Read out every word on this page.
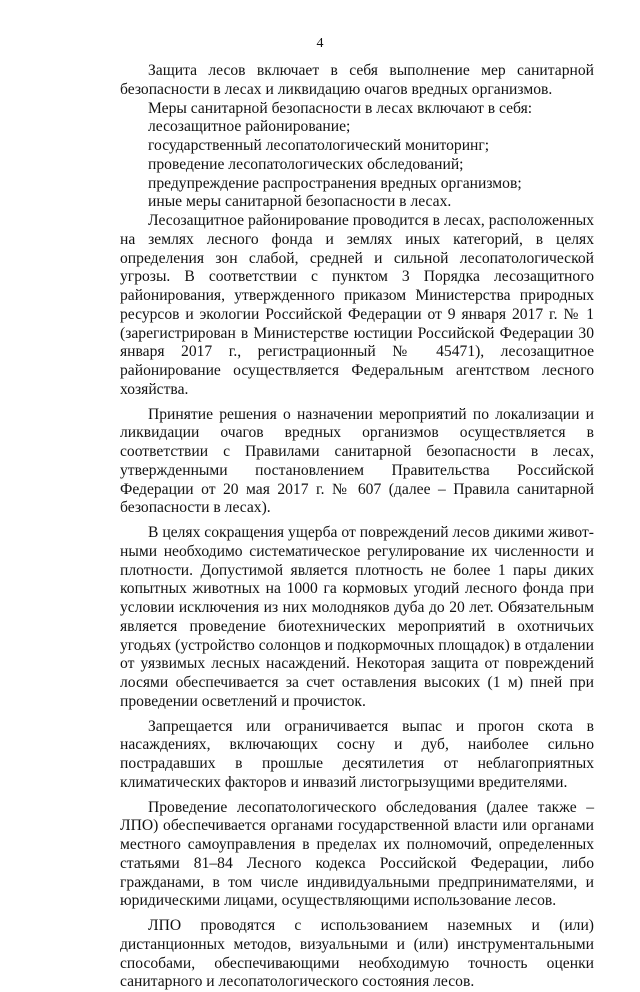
4

Защита лесов включает в себя выполнение мер санитарной безопасности в лесах и ликвидацию очагов вредных организмов.

Меры санитарной безопасности в лесах включают в себя:

лесозащитное районирование;

государственный лесопатологический мониторинг;

проведение лесопатологических обследований;

предупреждение распространения вредных организмов;

иные меры санитарной безопасности в лесах.

Лесозащитное районирование проводится в лесах, расположенных на землях лесного фонда и землях иных категорий, в целях определения зон слабой, средней и сильной лесопатологической угрозы. В соответствии с пунктом 3 Порядка лесозащитного районирования, утвержденного приказом Министерства природных ресурсов и экологии Российской Федерации от 9 января 2017 г. № 1 (зарегистрирован в Министерстве юстиции Российской Федерации 30 января 2017 г., регистрационный № 45471), лесозащитное районирование осуществляется Федеральным агентством лесного хозяйства.

Принятие решения о назначении мероприятий по локализации и ликвидации очагов вредных организмов осуществляется в соответствии с Правилами санитарной безопасности в лесах, утвержденными постановлением Правительства Российской Федерации от 20 мая 2017 г. № 607 (далее – Правила санитарной безопасности в лесах).

В целях сокращения ущерба от повреждений лесов дикими животными необходимо систематическое регулирование их численности и плотности. Допустимой является плотность не более 1 пары диких копытных животных на 1000 га кормовых угодий лесного фонда при условии исключения из них молодняков дуба до 20 лет. Обязательным является проведение биотехнических мероприятий в охотничьих угодьях (устройство солонцов и подкормочных площадок) в отдалении от уязвимых лесных насаждений. Некоторая защита от повреждений лосями обеспечивается за счет оставления высоких (1 м) пней при проведении осветлений и прочисток.

Запрещается или ограничивается выпас и прогон скота в насаждениях, включающих сосну и дуб, наиболее сильно пострадавших в прошлые десятилетия от неблагоприятных климатических факторов и инвазий листогрызущими вредителями.

Проведение лесопатологического обследования (далее также – ЛПО) обеспечивается органами государственной власти или органами местного самоуправления в пределах их полномочий, определенных статьями 81–84 Лесного кодекса Российской Федерации, либо гражданами, в том числе индивидуальными предпринимателями, и юридическими лицами, осуществляющими использование лесов.

ЛПО проводятся с использованием наземных и (или) дистанционных методов, визуальными и (или) инструментальными способами, обеспечивающими необходимую точность оценки санитарного и лесопатологического состояния лесов.
